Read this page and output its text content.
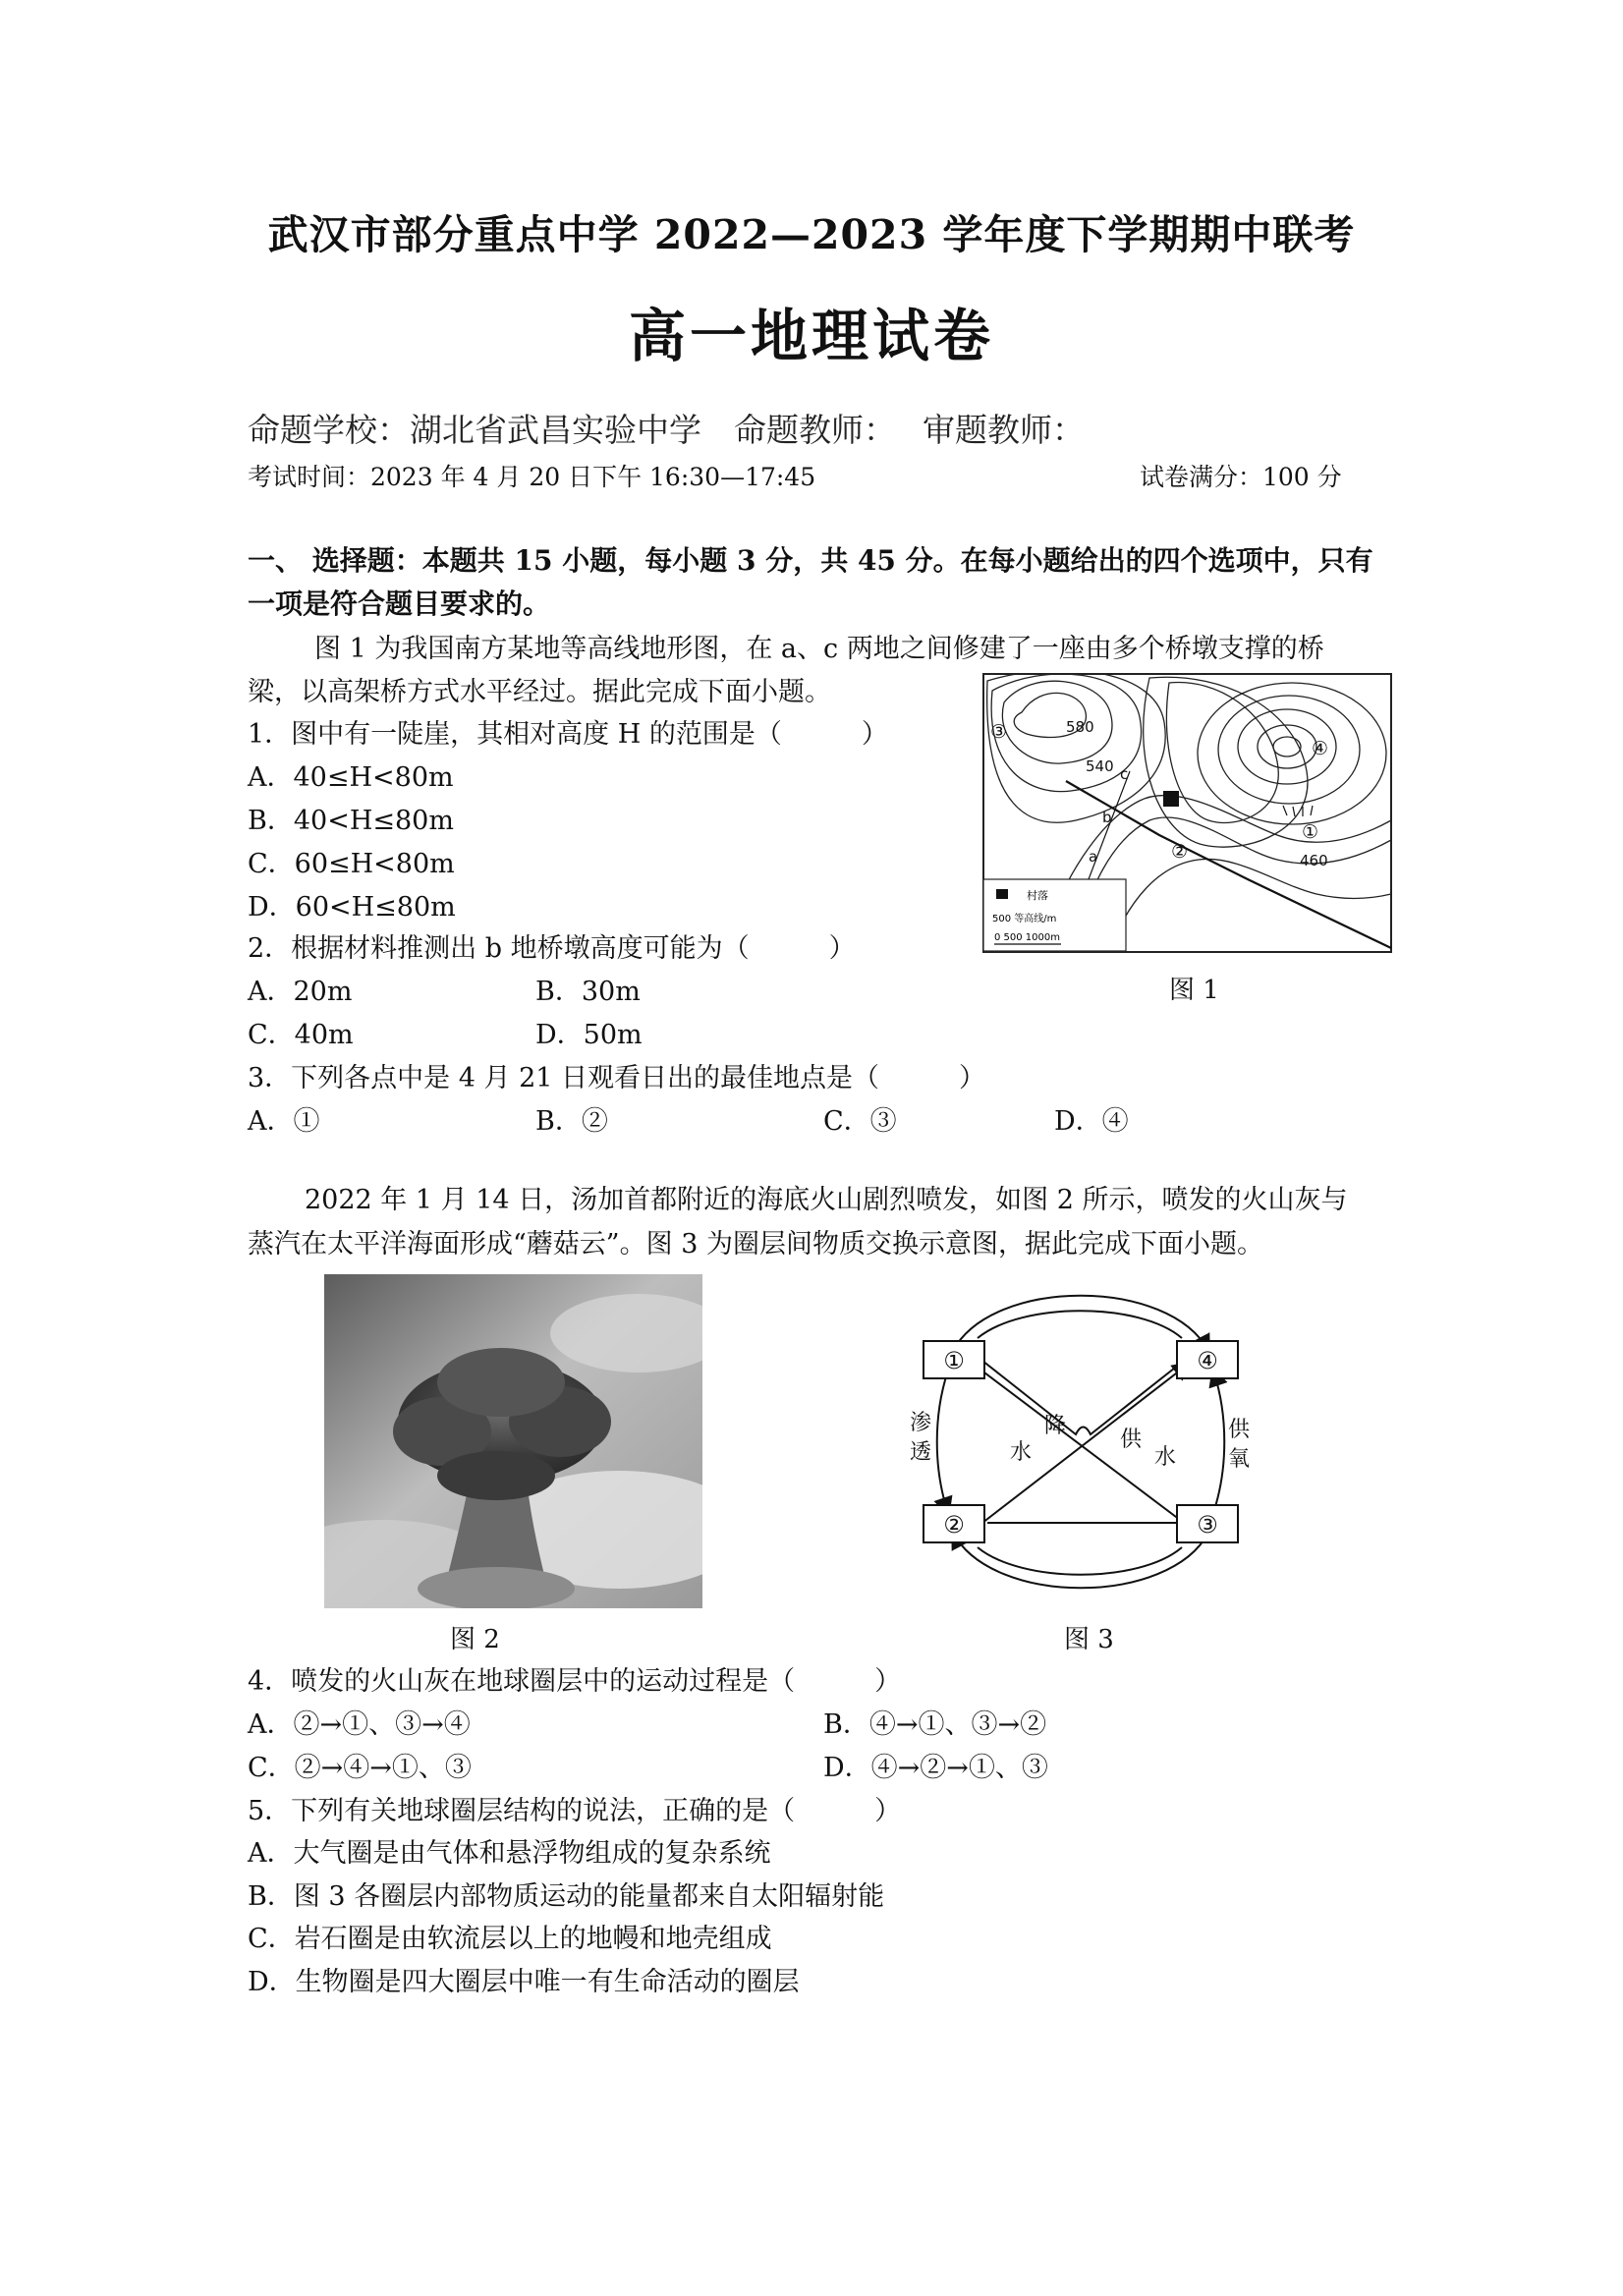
武汉市部分重点中学 2022—2023 学年度下学期期中联考
高一地理试卷
命题学校：湖北省武昌实验中学　命题教师：　 审题教师：
考试时间：2023 年 4 月 20 日下午 16:30—17:45	试卷满分：100 分
一、 选择题：本题共 15 小题，每小题 3 分，共 45 分。在每小题给出的四个选项中，只有
一项是符合题目要求的。
图 1 为我国南方某地等高线地形图，在 a、c 两地之间修建了一座由多个桥墩支撑的桥
梁，以高架桥方式水平经过。据此完成下面小题。
1．图中有一陡崖，其相对高度 H 的范围是（　　　）
A．40≤H<80m
B．40<H≤80m
C．60≤H<80m
D．60<H≤80m
2．根据材料推测出 b 地桥墩高度可能为（　　　）
A．20m	B．30m
C．40m	D．50m
3．下列各点中是 4 月 21 日观看日出的最佳地点是（　　　）
A．①	B．②	C．③	D．④
580
540
460
c
b
a
③
④
①
②
村落
500 等高线/m
0 500 1000m
图 1
2022 年 1 月 14 日，汤加首都附近的海底火山剧烈喷发，如图 2 所示，喷发的火山灰与
蒸汽在太平洋海面形成“蘑菇云”。图 3 为圈层间物质交换示意图，据此完成下面小题。
图 2
①	④
②	③
渗
透
降
水
供
水
供
氧
图 3
4．喷发的火山灰在地球圈层中的运动过程是（　　　）
A．②→①、③→④	B．④→①、③→②
C．②→④→①、③	D．④→②→①、③
5．下列有关地球圈层结构的说法，正确的是（　　　）
A．大气圈是由气体和悬浮物组成的复杂系统
B．图 3 各圈层内部物质运动的能量都来自太阳辐射能
C．岩石圈是由软流层以上的地幔和地壳组成
D．生物圈是四大圈层中唯一有生命活动的圈层
